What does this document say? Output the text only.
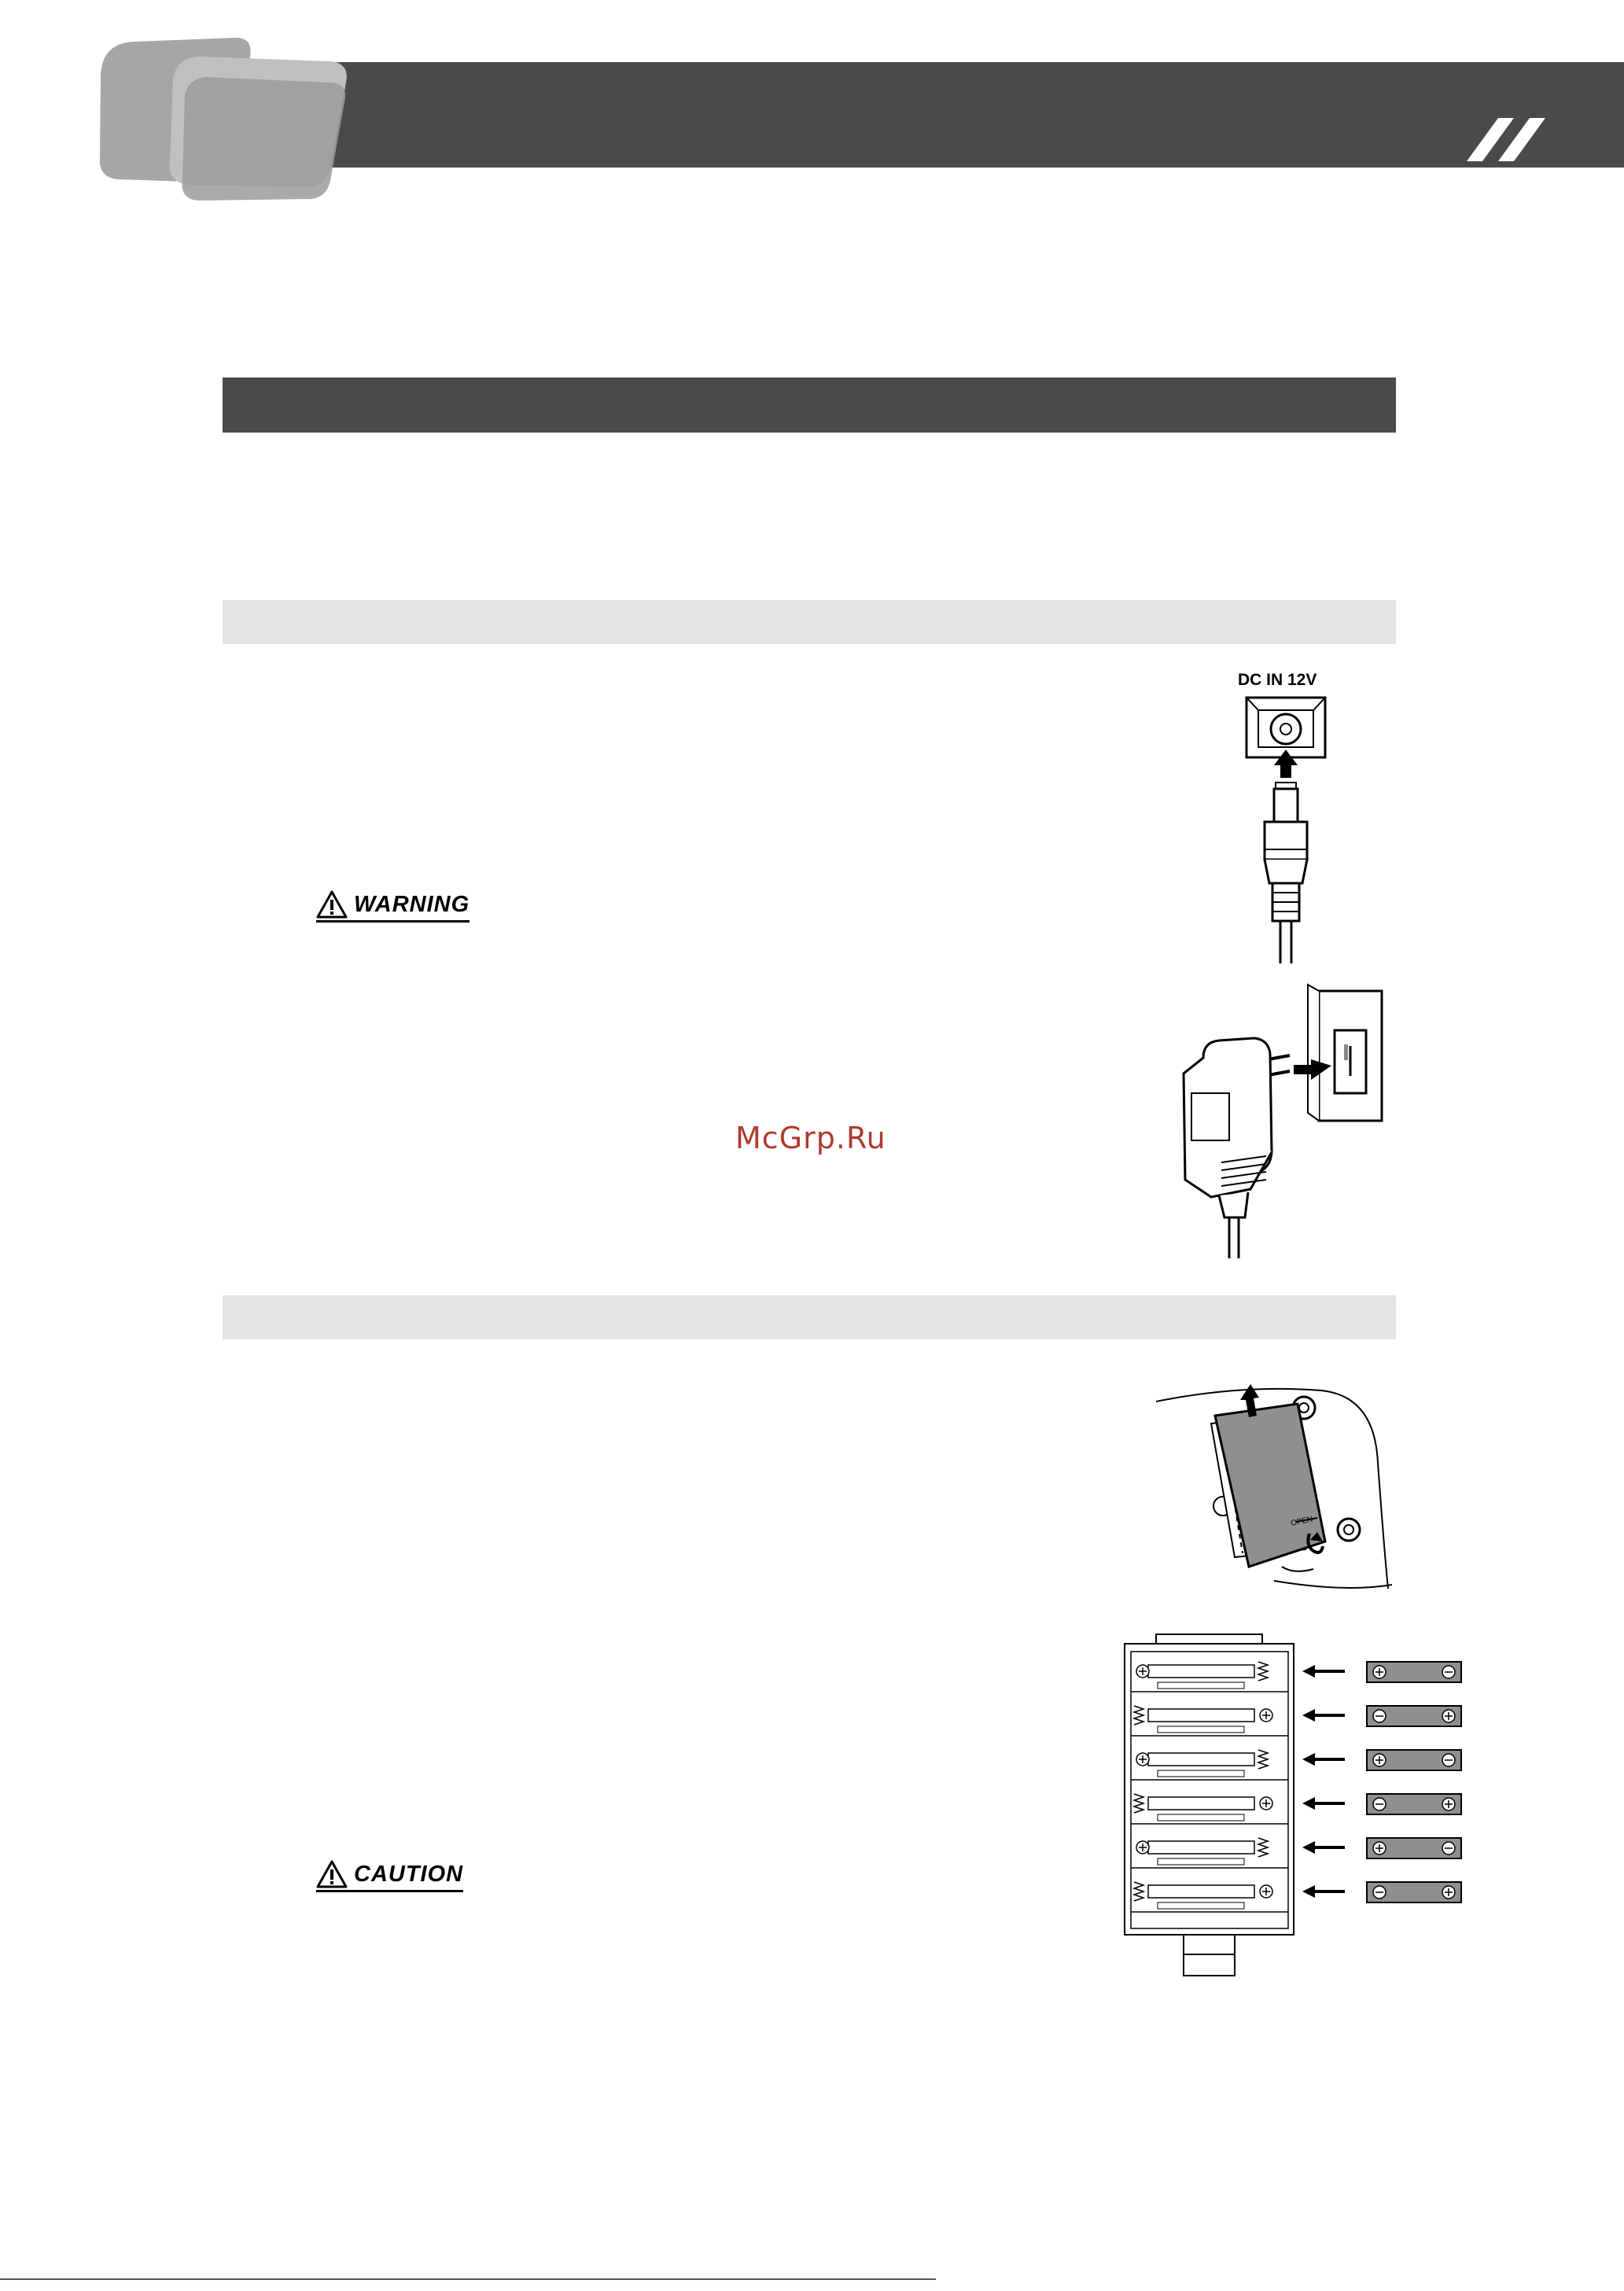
WARNING
CAUTION
McGrp.Ru
DC IN 12V
OPEN
